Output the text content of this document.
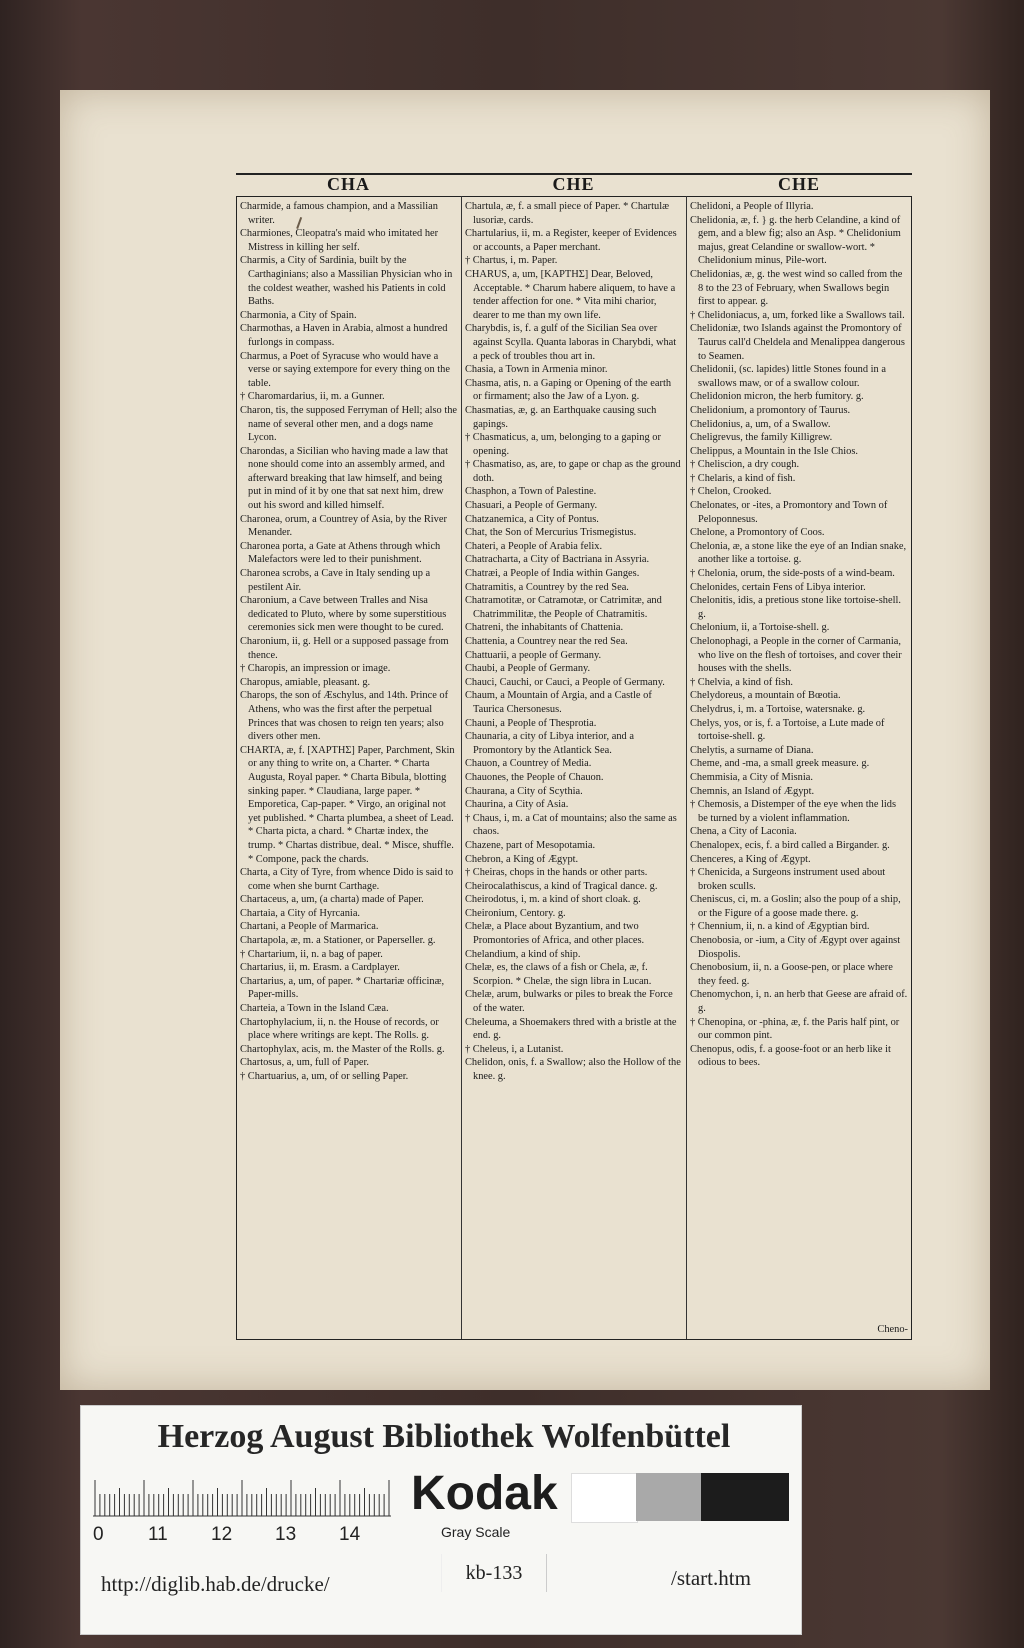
CHA	CHE	CHE

Charmide, a famous champion, and a Massilian writer.

Charmiones, Cleopatra's maid who imitated her Mistress in killing her self.

Charmis, a City of Sardinia, built by the Carthaginians; also a Massilian Physician who in the coldest weather, washed his Patients in cold Baths.

Charmonia, a City of Spain.

Charmothas, a Haven in Arabia, almost a hundred furlongs in compass.

Charmus, a Poet of Syracuse who would have a verse or saying extempore for every thing on the table.

† Charomardarius, ii, m. a Gunner.

Charon, tis, the supposed Ferryman of Hell; also the name of several other men, and a dogs name Lycon.

Charondas, a Sicilian who having made a law that none should come into an assembly armed, and afterward breaking that law himself, and being put in mind of it by one that sat next him, drew out his sword and killed himself.

Charonea, orum, a Countrey of Asia, by the River Menander.

Charonea porta, a Gate at Athens through which Malefactors were led to their punishment.

Charonea scrobs, a Cave in Italy sending up a pestilent Air.

Charonium, a Cave between Tralles and Nisa dedicated to Pluto, where by some superstitious ceremonies sick men were thought to be cured.

Charonium, ii, g. Hell or a supposed passage from thence.

† Charopis, an impression or image.

Charopus, amiable, pleasant. g.

Charops, the son of Æschylus, and 14th. Prince of Athens, who was the first after the perpetual Princes that was chosen to reign ten years; also divers other men.

CHARTA, æ, f. [ΧΑΡΤΗΣ] Paper, Parchment, Skin or any thing to write on, a Charter. * Charta Augusta, Royal paper. * Charta Bibula, blotting sinking paper. * Claudiana, large paper. * Emporetica, Cap-paper. * Virgo, an original not yet published. * Charta plumbea, a sheet of Lead. * Charta picta, a chard. * Chartæ index, the trump. * Chartas distribue, deal. * Misce, shuffle. * Compone, pack the chards.

Charta, a City of Tyre, from whence Dido is said to come when she burnt Carthage.

Chartaceus, a, um, (a charta) made of Paper.

Chartaia, a City of Hyrcania.

Chartani, a People of Marmarica.

Chartapola, æ, m. a Stationer, or Paperseller. g.

† Chartarium, ii, n. a bag of paper.

Chartarius, ii, m. Erasm. a Cardplayer.

Chartarius, a, um, of paper. * Chartariæ officinæ, Paper-mills.

Charteia, a Town in the Island Cæa.

Chartophylacium, ii, n. the House of records, or place where writings are kept. The Rolls. g.

Chartophylax, acis, m. the Master of the Rolls. g.

Chartosus, a, um, full of Paper.

† Chartuarius, a, um, of or selling Paper.

Chartula, æ, f. a small piece of Paper. * Chartulæ lusoriæ, cards.

Chartularius, ii, m. a Register, keeper of Evidences or accounts, a Paper merchant.

† Chartus, i, m. Paper.

CHARUS, a, um, [ΚΑΡΤΗΣ] Dear, Beloved, Acceptable. * Charum habere aliquem, to have a tender affection for one. * Vita mihi charior, dearer to me than my own life.

Charybdis, is, f. a gulf of the Sicilian Sea over against Scylla. Quanta laboras in Charybdi, what a peck of troubles thou art in.

Chasia, a Town in Armenia minor.

Chasma, atis, n. a Gaping or Opening of the earth or firmament; also the Jaw of a Lyon. g.

Chasmatias, æ, g. an Earthquake causing such gapings.

† Chasmaticus, a, um, belonging to a gaping or opening.

† Chasmatiso, as, are, to gape or chap as the ground doth.

Chasphon, a Town of Palestine.

Chasuari, a People of Germany.

Chatzanemica, a City of Pontus.

Chat, the Son of Mercurius Trismegistus.

Chateri, a People of Arabia felix.

Chatracharta, a City of Bactriana in Assyria.

Chatræi, a People of India within Ganges.

Chatramitis, a Countrey by the red Sea.

Chatramotitæ, or Catramotæ, or Catrimitæ, and Chatrimmilitæ, the People of Chatramitis.

Chatreni, the inhabitants of Chattenia.

Chattenia, a Countrey near the red Sea.

Chattuarii, a people of Germany.

Chaubi, a People of Germany.

Chauci, Cauchi, or Cauci, a People of Germany.

Chaum, a Mountain of Argia, and a Castle of Taurica Chersonesus.

Chauni, a People of Thesprotia.

Chaunaria, a city of Libya interior, and a Promontory by the Atlantick Sea.

Chauon, a Countrey of Media.

Chauones, the People of Chauon.

Chaurana, a City of Scythia.

Chaurina, a City of Asia.

† Chaus, i, m. a Cat of mountains; also the same as chaos.

Chazene, part of Mesopotamia.

Chebron, a King of Ægypt.

† Cheiras, chops in the hands or other parts.

Cheirocalathiscus, a kind of Tragical dance. g.

Cheirodotus, i, m. a kind of short cloak. g.

Cheironium, Centory. g.

Chelæ, a Place about Byzantium, and two Promontories of Africa, and other places.

Chelandium, a kind of ship.

Chelæ, es, the claws of a fish or Chela, æ, f. Scorpion. * Chelæ, the sign libra in Lucan.

Chelæ, arum, bulwarks or piles to break the Force of the water.

Cheleuma, a Shoemakers thred with a bristle at the end. g.

† Cheleus, i, a Lutanist.

Chelidon, onis, f. a Swallow; also the Hollow of the knee. g.

Chelidoni, a People of Illyria.

Chelidonia, æ, f. } g. the herb Celandine, a kind of gem, and a blew fig; also an Asp. * Chelidonium majus, great Celandine or swallow-wort. * Chelidonium minus, Pile-wort.

Chelidonias, æ, g. the west wind so called from the 8 to the 23 of February, when Swallows begin first to appear. g.

† Chelidoniacus, a, um, forked like a Swallows tail.

Chelidoniæ, two Islands against the Promontory of Taurus call'd Cheldela and Menalippea dangerous to Seamen.

Chelidonii, (sc. lapides) little Stones found in a swallows maw, or of a swallow colour.

Chelidonion micron, the herb fumitory. g.

Chelidonium, a promontory of Taurus.

Chelidonius, a, um, of a Swallow.

Cheligrevus, the family Killigrew.

Chelippus, a Mountain in the Isle Chios.

† Cheliscion, a dry cough.

† Chelaris, a kind of fish.

† Chelon, Crooked.

Chelonates, or -ites, a Promontory and Town of Peloponnesus.

Chelone, a Promontory of Coos.

Chelonia, æ, a stone like the eye of an Indian snake, another like a tortoise. g.

† Chelonia, orum, the side-posts of a wind-beam.

Chelonides, certain Fens of Libya interior.

Chelonitis, idis, a pretious stone like tortoise-shell. g.

Chelonium, ii, a Tortoise-shell. g.

Chelonophagi, a People in the corner of Carmania, who live on the flesh of tortoises, and cover their houses with the shells.

† Chelvia, a kind of fish.

Chelydoreus, a mountain of Bœotia.

Chelydrus, i, m. a Tortoise, watersnake. g.

Chelys, yos, or is, f. a Tortoise, a Lute made of tortoise-shell. g.

Chelytis, a surname of Diana.

Cheme, and -ma, a small greek measure. g.

Chemmisia, a City of Misnia.

Chemnis, an Island of Ægypt.

† Chemosis, a Distemper of the eye when the lids be turned by a violent inflammation.

Chena, a City of Laconia.

Chenalopex, ecis, f. a bird called a Birgander. g.

Chenceres, a King of Ægypt.

† Chenicida, a Surgeons instrument used about broken sculls.

Cheniscus, ci, m. a Goslin; also the poup of a ship, or the Figure of a goose made there. g.

† Chennium, ii, n. a kind of Ægyptian bird.

Chenobosia, or -ium, a City of Ægypt over against Diospolis.

Chenobosium, ii, n. a Goose-pen, or place where they feed. g.

Chenomychon, i, n. an herb that Geese are afraid of. g.

† Chenopina, or -phina, æ, f. the Paris half pint, or our common pint.

Chenopus, odis, f. a goose-foot or an herb like it odious to bees.

Cheno-
Herzog August Bibliothek Wolfenbüttel
0 11 12 13 14
Kodak
Gray Scale
kb-133
http://diglib.hab.de/drucke/	/start.htm
